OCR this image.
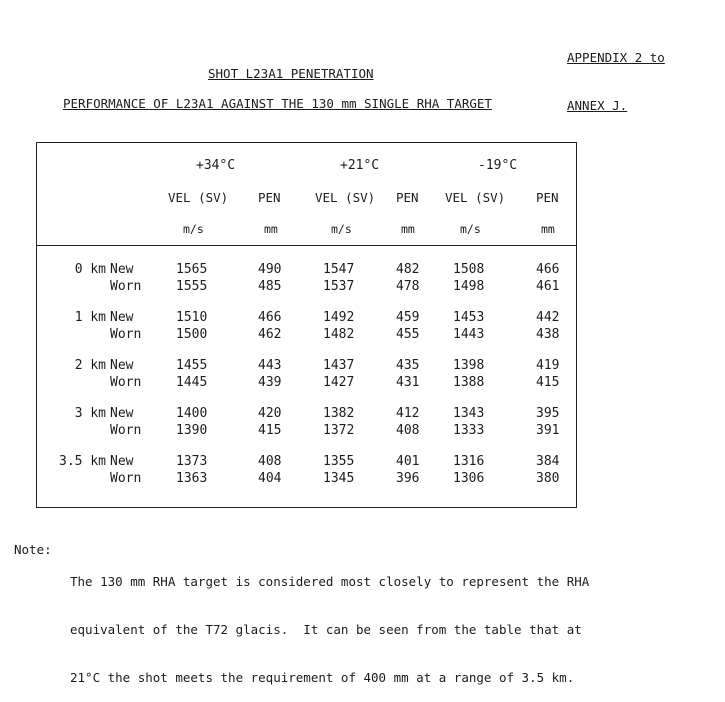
APPENDIX 2 to

ANNEX J.

SHOT L23A1 PENETRATION
PERFORMANCE OF L23A1 AGAINST THE 130 mm SINGLE RHA TARGET
+34°C	+21°C	-19°C
VEL (SV) PEN	VEL (SV) PEN VEL (SV) PEN
m/s	mm	m/s	mm	m/s	mm
0 km New	1565	490	1547	482	1508	466
Worn	1555	485	1537	478	1498	461
1 km New	1510	466	1492	459	1453	442
Worn	1500	462	1482	455	1443	438
2 km New	1455	443	1437	435	1398	419
Worn	1445	439	1427	431	1388	415
3 km New	1400	420	1382	412	1343	395
Worn	1390	415	1372	408	1333	391
3.5 km New	1373	408	1355	401	1316	384
Worn	1363	404	1345	396	1306	380
Note:

The 130 mm RHA target is considered most closely to represent the RHA

equivalent of the T72 glacis.  It can be seen from the table that at

21°C the shot meets the requirement of 400 mm at a range of 3.5 km.
